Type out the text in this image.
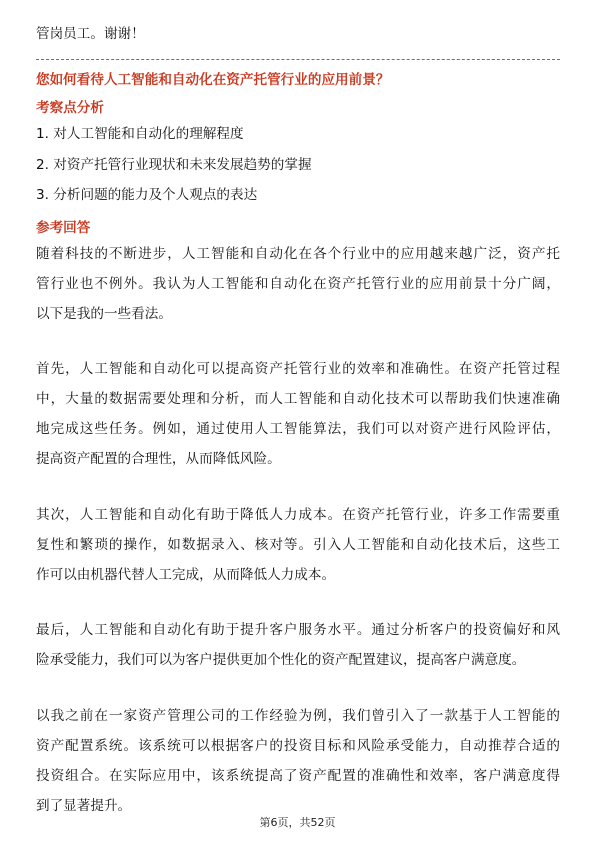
管岗员工。谢谢！
您如何看待人工智能和自动化在资产托管行业的应用前景？
考察点分析
1. 对人工智能和自动化的理解程度
2. 对资产托管行业现状和未来发展趋势的掌握
3. 分析问题的能力及个人观点的表达
参考回答
随着科技的不断进步，人工智能和自动化在各个行业中的应用越来越广泛，资产托
管行业也不例外。我认为人工智能和自动化在资产托管行业的应用前景十分广阔，
以下是我的一些看法。
首先，人工智能和自动化可以提高资产托管行业的效率和准确性。在资产托管过程
中，大量的数据需要处理和分析，而人工智能和自动化技术可以帮助我们快速准确
地完成这些任务。例如，通过使用人工智能算法，我们可以对资产进行风险评估，
提高资产配置的合理性，从而降低风险。
其次，人工智能和自动化有助于降低人力成本。在资产托管行业，许多工作需要重
复性和繁琐的操作，如数据录入、核对等。引入人工智能和自动化技术后，这些工
作可以由机器代替人工完成，从而降低人力成本。
最后，人工智能和自动化有助于提升客户服务水平。通过分析客户的投资偏好和风
险承受能力，我们可以为客户提供更加个性化的资产配置建议，提高客户满意度。
以我之前在一家资产管理公司的工作经验为例，我们曾引入了一款基于人工智能的
资产配置系统。该系统可以根据客户的投资目标和风险承受能力，自动推荐合适的
投资组合。在实际应用中，该系统提高了资产配置的准确性和效率，客户满意度得
到了显著提升。
第6页，共52页
